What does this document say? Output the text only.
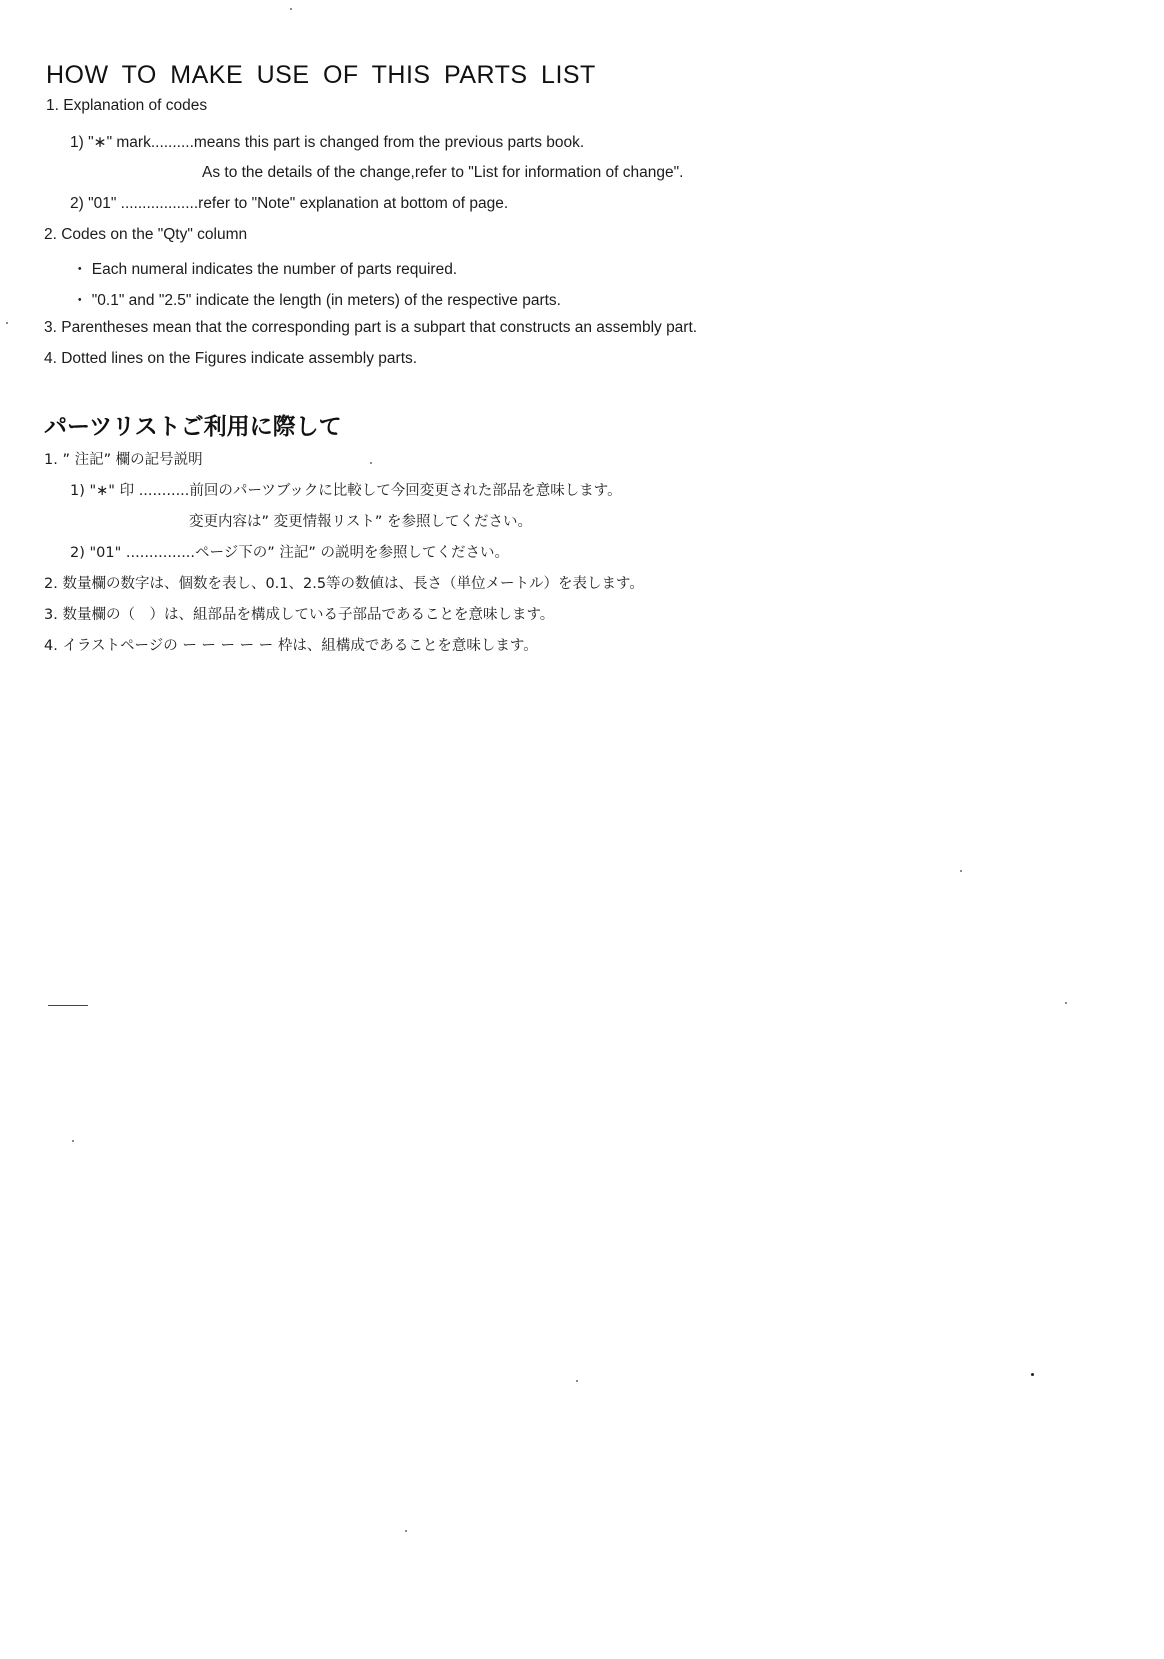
HOW TO MAKE USE OF THIS PARTS LIST
1. Explanation of codes
1) "∗" mark..........means this part is changed from the previous parts book.
As to the details of the change,refer to "List for information of change".
2) "01" ..................refer to "Note" explanation at bottom of page.
2. Codes on the "Qty" column
・ Each numeral indicates the number of parts required.
・ "0.1" and "2.5" indicate the length (in meters) of the respective parts.
3. Parentheses mean that the corresponding part is a subpart that constructs an assembly part.
4. Dotted lines on the Figures indicate assembly parts.
パーツリストご利用に際して
1. ” 注記” 欄の記号説明
1) "∗" 印 ...........前回のパーツブックに比較して今回変更された部品を意味します。
変更内容は” 変更情報リスト” を参照してください。
2) "01" ...............ページ下の” 注記” の説明を参照してください。
2. 数量欄の数字は、個数を表し、0.1、2.5等の数値は、長さ（単位メートル）を表します。
3. 数量欄の（　）は、組部品を構成している子部品であることを意味します。
4. イラストページの ー ー ー ー ー 枠は、組構成であることを意味します。
